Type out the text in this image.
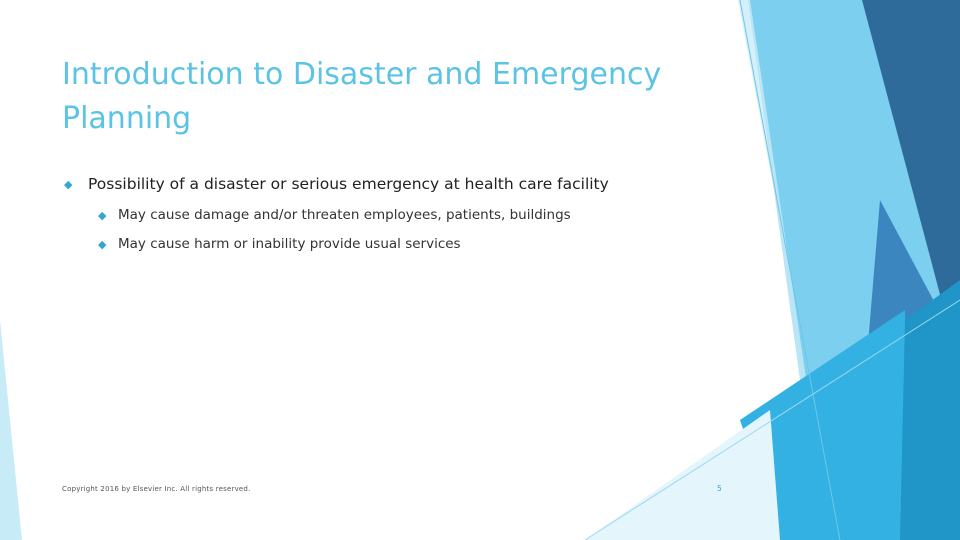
Introduction to Disaster and Emergency Planning
◆	Possibility of a disaster or serious emergency at health care facility
◆ May cause damage and/or threaten employees, patients, buildings
◆ May cause harm or inability provide usual services
Copyright 2016 by Elsevier Inc. All rights reserved.	5
